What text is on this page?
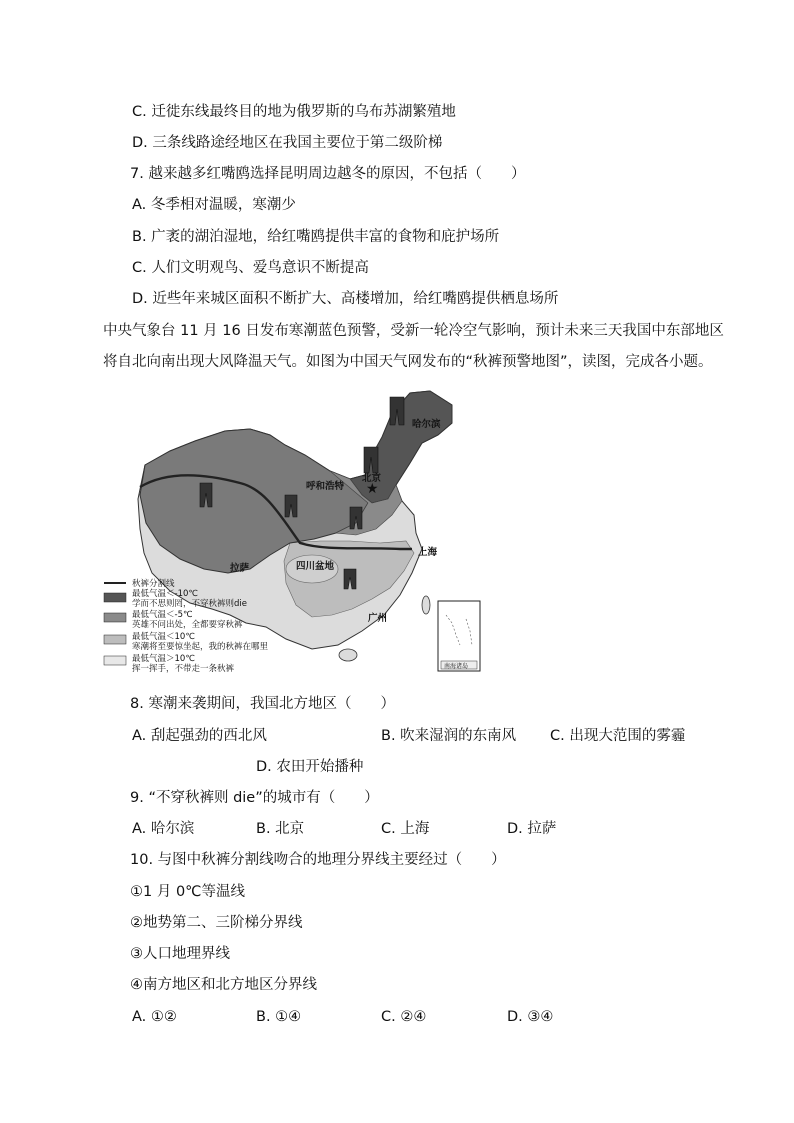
C. 迁徙东线最终目的地为俄罗斯的乌布苏湖繁殖地
D. 三条线路途经地区在我国主要位于第二级阶梯
7. 越来越多红嘴鸥选择昆明周边越冬的原因，不包括（　　）
A. 冬季相对温暖，寒潮少
B. 广袤的湖泊湿地，给红嘴鸥提供丰富的食物和庇护场所
C. 人们文明观鸟、爱鸟意识不断提高
D. 近些年来城区面积不断扩大、高楼增加，给红嘴鸥提供栖息场所
中央气象台 11 月 16 日发布寒潮蓝色预警，受新一轮冷空气影响，预计未来三天我国中东部地区
将自北向南出现大风降温天气。如图为中国天气网发布的“秋裤预警地图”，读图，完成各小题。
★
哈尔滨
呼和浩特
北京
上海
拉萨	四川盆地
广州
南海诸岛
秋裤分割线
最低气温＜-10℃
学而不思则罔，不穿秋裤则die
最低气温＜-5℃
英雄不问出处，全都要穿秋裤
最低气温＜10℃
寒潮将至要惊坐起，我的秋裤在哪里
最低气温＞10℃
挥一挥手，不带走一条秋裤
8. 寒潮来袭期间，我国北方地区（　　）
A. 刮起强劲的西北风	B. 吹来湿润的东南风 C. 出现大范围的雾霾
D. 农田开始播种
9. “不穿秋裤则 die”的城市有（　　）
A. 哈尔滨	B. 北京	C. 上海	D. 拉萨
10. 与图中秋裤分割线吻合的地理分界线主要经过（　　）
①1 月 0℃等温线
②地势第二、三阶梯分界线
③人口地理界线
④南方地区和北方地区分界线
A. ①②	B. ①④	C. ②④	D. ③④
